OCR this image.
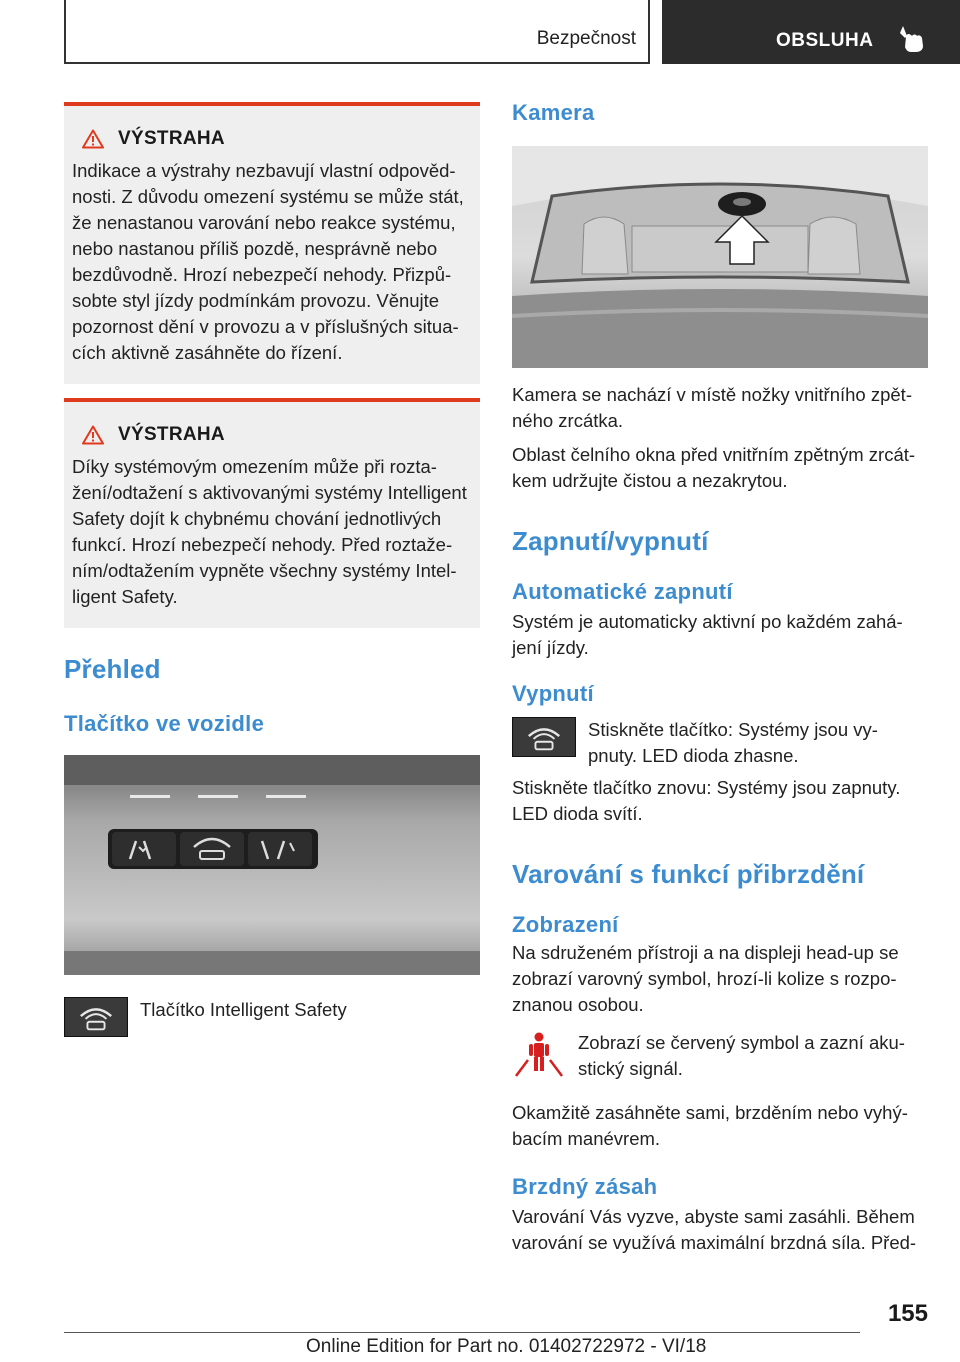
Bezpečnost	OBSLUHA
VÝSTRAHA
Indikace a výstrahy nezbavují vlastní odpověd-
nosti. Z důvodu omezení systému se může stát,
že nenastanou varování nebo reakce systému,
nebo nastanou příliš pozdě, nesprávně nebo
bezdůvodně. Hrozí nebezpečí nehody. Přizpů-
sobte styl jízdy podmínkám provozu. Věnujte
pozornost dění v provozu a v příslušných situa-
cích aktivně zasáhněte do řízení.
VÝSTRAHA
Díky systémovým omezením může při rozta-
žení/odtažení s aktivovanými systémy Intelligent
Safety dojít k chybnému chování jednotlivých
funkcí. Hrozí nebezpečí nehody. Před roztaže-
ním/odtažením vypněte všechny systémy Intel-
ligent Safety.
Přehled
Tlačítko ve vozidle
Tlačítko Intelligent Safety
Kamera
Kamera se nachází v místě nožky vnitřního zpět-
ného zrcátka.
Oblast čelního okna před vnitřním zpětným zrcát-
kem udržujte čistou a nezakrytou.
Zapnutí/vypnutí
Automatické zapnutí
Systém je automaticky aktivní po každém zahá-
jení jízdy.
Vypnutí
Stiskněte tlačítko: Systémy jsou vy-
pnuty. LED dioda zhasne.
Stiskněte tlačítko znovu: Systémy jsou zapnuty.
LED dioda svítí.
Varování s funkcí přibrzdění
Zobrazení
Na sdruženém přístroji a na displeji head-up se
zobrazí varovný symbol, hrozí-li kolize s rozpo-
znanou osobou.
Zobrazí se červený symbol a zazní aku-
stický signál.
Okamžitě zasáhněte sami, brzděním nebo vyhý-
bacím manévrem.
Brzdný zásah
Varování Vás vyzve, abyste sami zasáhli. Během
varování se využívá maximální brzdná síla. Před-
155
Online Edition for Part no. 01402722972 - VI/18
